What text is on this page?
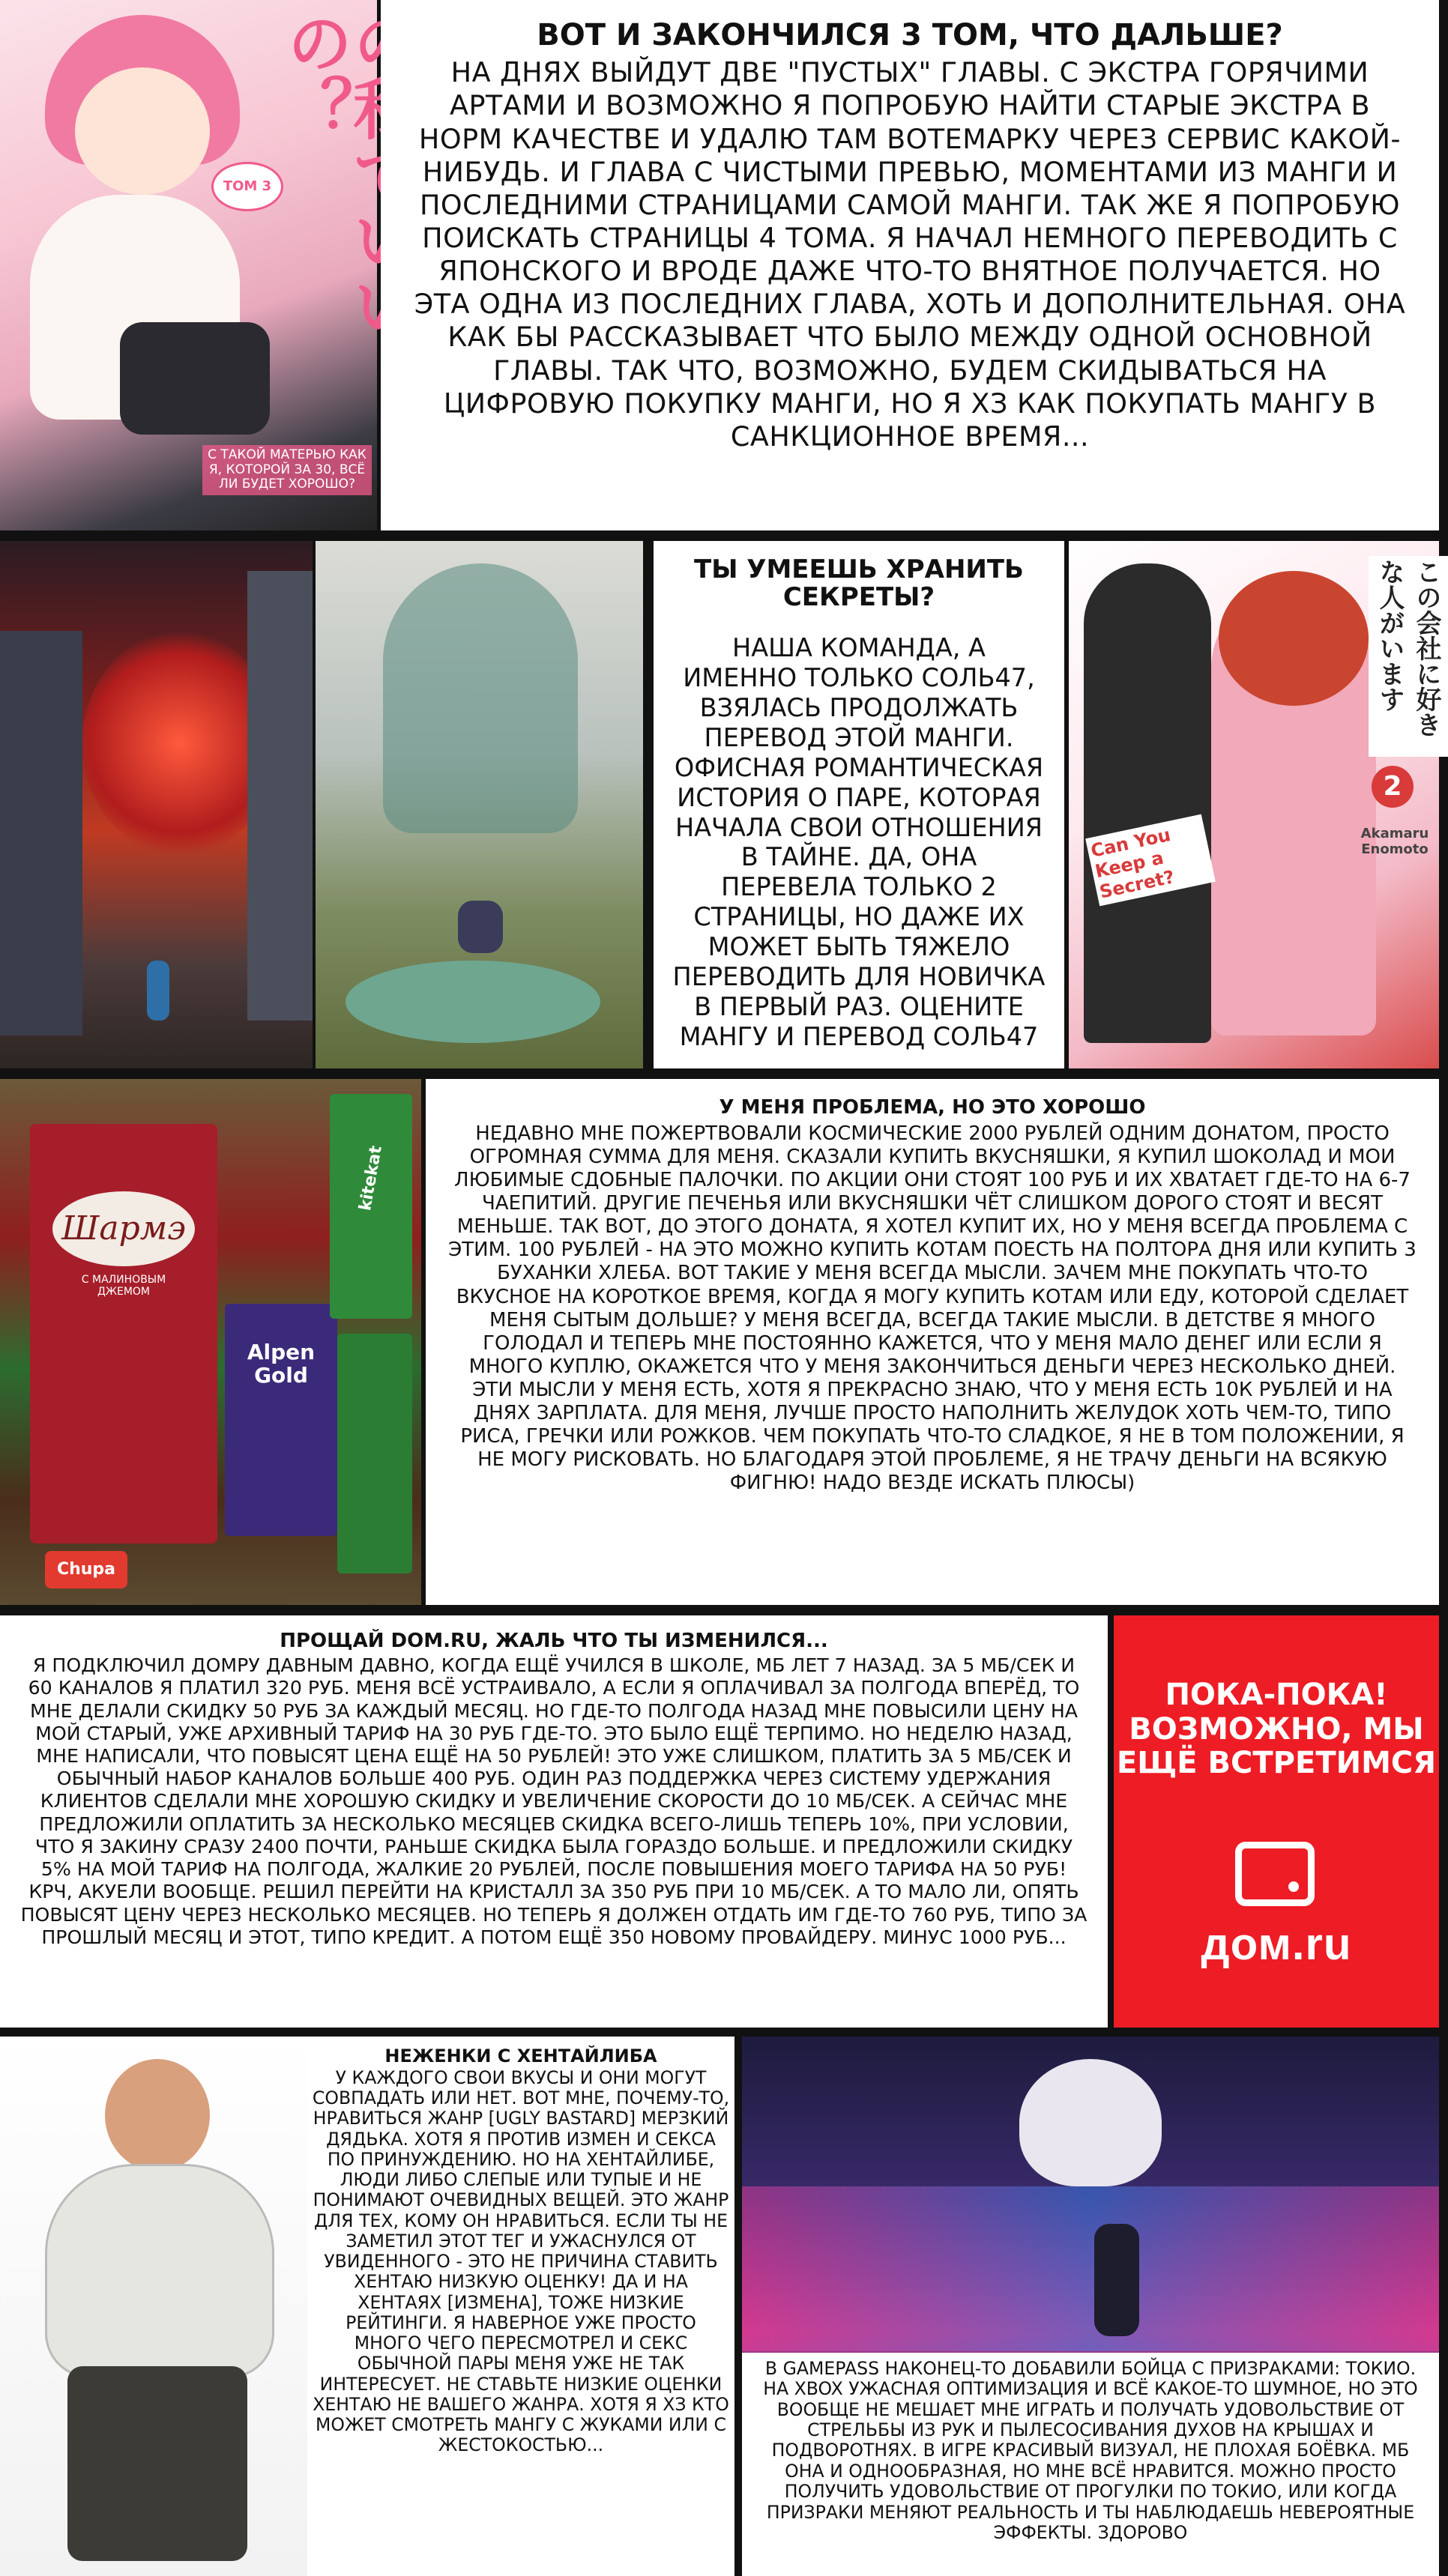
の？
ТОМ 3
С ТАКОЙ МАТЕРЬЮ КАК Я, КОТОРОЙ ЗА 30, ВСЁ ЛИ БУДЕТ ХОРОШО?
ВОТ И ЗАКОНЧИЛСЯ 3 ТОМ, ЧТО ДАЛЬШЕ?
НА ДНЯХ ВЫЙДУТ ДВЕ "ПУСТЫХ" ГЛАВЫ. С ЭКСТРА ГОРЯЧИМИ АРТАМИ И ВОЗМОЖНО Я ПОПРОБУЮ НАЙТИ СТАРЫЕ ЭКСТРА В НОРМ КАЧЕСТВЕ И УДАЛЮ ТАМ ВОТЕМАРКУ ЧЕРЕЗ СЕРВИС КАКОЙ-НИБУДЬ. И ГЛАВА С ЧИСТЫМИ ПРЕВЬЮ, МОМЕНТАМИ ИЗ МАНГИ И ПОСЛЕДНИМИ СТРАНИЦАМИ САМОЙ МАНГИ. ТАК ЖЕ Я ПОПРОБУЮ ПОИСКАТЬ СТРАНИЦЫ 4 ТОМА. Я НАЧАЛ НЕМНОГО ПЕРЕВОДИТЬ С ЯПОНСКОГО И ВРОДЕ ДАЖЕ ЧТО-ТО ВНЯТНОЕ ПОЛУЧАЕТСЯ. НО ЭТА ОДНА ИЗ ПОСЛЕДНИХ ГЛАВА, ХОТЬ И ДОПОЛНИТЕЛЬНАЯ. ОНА КАК БЫ РАССКАЗЫВАЕТ ЧТО БЫЛО МЕЖДУ ОДНОЙ ОСНОВНОЙ ГЛАВЫ. ТАК ЧТО, ВОЗМОЖНО, БУДЕМ СКИДЫВАТЬСЯ НА ЦИФРОВУЮ ПОКУПКУ МАНГИ, НО Я ХЗ КАК ПОКУПАТЬ МАНГУ В САНКЦИОННОЕ ВРЕМЯ...
ТЫ УМЕЕШЬ ХРАНИТЬ СЕКРЕТЫ?
НАША КОМАНДА, А ИМЕННО ТОЛЬКО СОЛЬ47, ВЗЯЛАСЬ ПРОДОЛЖАТЬ ПЕРЕВОД ЭТОЙ МАНГИ. ОФИСНАЯ РОМАНТИЧЕСКАЯ ИСТОРИЯ О ПАРЕ, КОТОРАЯ НАЧАЛА СВОИ ОТНОШЕНИЯ В ТАЙНЕ. ДА, ОНА ПЕРЕВЕЛА ТОЛЬКО 2 СТРАНИЦЫ, НО ДАЖЕ ИХ МОЖЕТ БЫТЬ ТЯЖЕЛО ПЕРЕВОДИТЬ ДЛЯ НОВИЧКА В ПЕРВЫЙ РАЗ. ОЦЕНИТЕ МАНГУ И ПЕРЕВОД СОЛЬ47
この会社に好きな人がいます
2
Akamaru Enomoto
Can You Keep a Secret?
Шармэ
С МАЛИНОВЫМ ДЖЕМОМ
Alpen Gold
kitekat
Chupa
У МЕНЯ ПРОБЛЕМА, НО ЭТО ХОРОШО
НЕДАВНО МНЕ ПОЖЕРТВОВАЛИ КОСМИЧЕСКИЕ 2000 РУБЛЕЙ ОДНИМ ДОНАТОМ, ПРОСТО ОГРОМНАЯ СУММА ДЛЯ МЕНЯ. СКАЗАЛИ КУПИТЬ ВКУСНЯШКИ, Я КУПИЛ ШОКОЛАД И МОИ ЛЮБИМЫЕ СДОБНЫЕ ПАЛОЧКИ. ПО АКЦИИ ОНИ СТОЯТ 100 РУБ И ИХ ХВАТАЕТ ГДЕ-ТО НА 6-7 ЧАЕПИТИЙ. ДРУГИЕ ПЕЧЕНЬЯ ИЛИ ВКУСНЯШКИ ЧЁТ СЛИШКОМ ДОРОГО СТОЯТ И ВЕСЯТ МЕНЬШЕ. ТАК ВОТ, ДО ЭТОГО ДОНАТА, Я ХОТЕЛ КУПИТ ИХ, НО У МЕНЯ ВСЕГДА ПРОБЛЕМА С ЭТИМ. 100 РУБЛЕЙ - НА ЭТО МОЖНО КУПИТЬ КОТАМ ПОЕСТЬ НА ПОЛТОРА ДНЯ ИЛИ КУПИТЬ 3 БУХАНКИ ХЛЕБА. ВОТ ТАКИЕ У МЕНЯ ВСЕГДА МЫСЛИ. ЗАЧЕМ МНЕ ПОКУПАТЬ ЧТО-ТО ВКУСНОЕ НА КОРОТКОЕ ВРЕМЯ, КОГДА Я МОГУ КУПИТЬ КОТАМ ИЛИ ЕДУ, КОТОРОЙ СДЕЛАЕТ МЕНЯ СЫТЫМ ДОЛЬШЕ? У МЕНЯ ВСЕГДА, ВСЕГДА ТАКИЕ МЫСЛИ. В ДЕТСТВЕ Я МНОГО ГОЛОДАЛ И ТЕПЕРЬ МНЕ ПОСТОЯННО КАЖЕТСЯ, ЧТО У МЕНЯ МАЛО ДЕНЕГ ИЛИ ЕСЛИ Я МНОГО КУПЛЮ, ОКАЖЕТСЯ ЧТО У МЕНЯ ЗАКОНЧИТЬСЯ ДЕНЬГИ ЧЕРЕЗ НЕСКОЛЬКО ДНЕЙ. ЭТИ МЫСЛИ У МЕНЯ ЕСТЬ, ХОТЯ Я ПРЕКРАСНО ЗНАЮ, ЧТО У МЕНЯ ЕСТЬ 10К РУБЛЕЙ И НА ДНЯХ ЗАРПЛАТА. ДЛЯ МЕНЯ, ЛУЧШЕ ПРОСТО НАПОЛНИТЬ ЖЕЛУДОК ХОТЬ ЧЕМ-ТО, ТИПО РИСА, ГРЕЧКИ ИЛИ РОЖКОВ. ЧЕМ ПОКУПАТЬ ЧТО-ТО СЛАДКОЕ, Я НЕ В ТОМ ПОЛОЖЕНИИ, Я НЕ МОГУ РИСКОВАТЬ. НО БЛАГОДАРЯ ЭТОЙ ПРОБЛЕМЕ, Я НЕ ТРАЧУ ДЕНЬГИ НА ВСЯКУЮ ФИГНЮ! НАДО ВЕЗДЕ ИСКАТЬ ПЛЮСЫ)
ПРОЩАЙ DOM.RU, ЖАЛЬ ЧТО ТЫ ИЗМЕНИЛСЯ...
Я ПОДКЛЮЧИЛ ДОМРУ ДАВНЫМ ДАВНО, КОГДА ЕЩЁ УЧИЛСЯ В ШКОЛЕ, МБ ЛЕТ 7 НАЗАД. ЗА 5 МБ/СЕК И 60 КАНАЛОВ Я ПЛАТИЛ 320 РУБ. МЕНЯ ВСЁ УСТРАИВАЛО, А ЕСЛИ Я ОПЛАЧИВАЛ ЗА ПОЛГОДА ВПЕРЁД, ТО МНЕ ДЕЛАЛИ СКИДКУ 50 РУБ ЗА КАЖДЫЙ МЕСЯЦ. НО ГДЕ-ТО ПОЛГОДА НАЗАД МНЕ ПОВЫСИЛИ ЦЕНУ НА МОЙ СТАРЫЙ, УЖЕ АРХИВНЫЙ ТАРИФ НА 30 РУБ ГДЕ-ТО. ЭТО БЫЛО ЕЩЁ ТЕРПИМО. НО НЕДЕЛЮ НАЗАД, МНЕ НАПИСАЛИ, ЧТО ПОВЫСЯТ ЦЕНА ЕЩЁ НА 50 РУБЛЕЙ! ЭТО УЖЕ СЛИШКОМ, ПЛАТИТЬ ЗА 5 МБ/СЕК И ОБЫЧНЫЙ НАБОР КАНАЛОВ БОЛЬШЕ 400 РУБ. ОДИН РАЗ ПОДДЕРЖКА ЧЕРЕЗ СИСТЕМУ УДЕРЖАНИЯ КЛИЕНТОВ СДЕЛАЛИ МНЕ ХОРОШУЮ СКИДКУ И УВЕЛИЧЕНИЕ СКОРОСТИ ДО 10 МБ/СЕК. А СЕЙЧАС МНЕ ПРЕДЛОЖИЛИ ОПЛАТИТЬ ЗА НЕСКОЛЬКО МЕСЯЦЕВ СКИДКА ВСЕГО-ЛИШЬ ТЕПЕРЬ 10%, ПРИ УСЛОВИИ, ЧТО Я ЗАКИНУ СРАЗУ 2400 ПОЧТИ, РАНЬШЕ СКИДКА БЫЛА ГОРАЗДО БОЛЬШЕ. И ПРЕДЛОЖИЛИ СКИДКУ 5% НА МОЙ ТАРИФ НА ПОЛГОДА, ЖАЛКИЕ 20 РУБЛЕЙ, ПОСЛЕ ПОВЫШЕНИЯ МОЕГО ТАРИФА НА 50 РУБ! КРЧ, АКУЕЛИ ВООБЩЕ. РЕШИЛ ПЕРЕЙТИ НА КРИСТАЛЛ ЗА 350 РУБ ПРИ 10 МБ/СЕК. А ТО МАЛО ЛИ, ОПЯТЬ ПОВЫСЯТ ЦЕНУ ЧЕРЕЗ НЕСКОЛЬКО МЕСЯЦЕВ. НО ТЕПЕРЬ Я ДОЛЖЕН ОТДАТЬ ИМ ГДЕ-ТО 760 РУБ, ТИПО ЗА ПРОШЛЫЙ МЕСЯЦ И ЭТОТ, ТИПО КРЕДИТ. А ПОТОМ ЕЩЁ 350 НОВОМУ ПРОВАЙДЕРУ. МИНУС 1000 РУБ...
ПОКА-ПОКА! ВОЗМОЖНО, МЫ ЕЩЁ ВСТРЕТИМСЯ
дом.ru
НЕЖЕНКИ С ХЕНТАЙЛИБА
У КАЖДОГО СВОИ ВКУСЫ И ОНИ МОГУТ СОВПАДАТЬ ИЛИ НЕТ. ВОТ МНЕ, ПОЧЕМУ-ТО, НРАВИТЬСЯ ЖАНР [UGLY BASTARD] МЕРЗКИЙ ДЯДЬКА. ХОТЯ Я ПРОТИВ ИЗМЕН И СЕКСА ПО ПРИНУЖДЕНИЮ. НО НА ХЕНТАЙЛИБЕ, ЛЮДИ ЛИБО СЛЕПЫЕ ИЛИ ТУПЫЕ И НЕ ПОНИМАЮТ ОЧЕВИДНЫХ ВЕЩЕЙ. ЭТО ЖАНР ДЛЯ ТЕХ, КОМУ ОН НРАВИТЬСЯ. ЕСЛИ ТЫ НЕ ЗАМЕТИЛ ЭТОТ ТЕГ И УЖАСНУЛСЯ ОТ УВИДЕННОГО - ЭТО НЕ ПРИЧИНА СТАВИТЬ ХЕНТАЮ НИЗКУЮ ОЦЕНКУ! ДА И НА ХЕНТАЯХ [ИЗМЕНА], ТОЖЕ НИЗКИЕ РЕЙТИНГИ. Я НАВЕРНОЕ УЖЕ ПРОСТО МНОГО ЧЕГО ПЕРЕСМОТРЕЛ И СЕКС ОБЫЧНОЙ ПАРЫ МЕНЯ УЖЕ НЕ ТАК ИНТЕРЕСУЕТ. НЕ СТАВЬТЕ НИЗКИЕ ОЦЕНКИ ХЕНТАЮ НЕ ВАШЕГО ЖАНРА. ХОТЯ Я ХЗ КТО МОЖЕТ СМОТРЕТЬ МАНГУ С ЖУКАМИ ИЛИ С ЖЕСТОКОСТЬЮ...
В GAMEPASS НАКОНЕЦ-ТО ДОБАВИЛИ БОЙЦА С ПРИЗРАКАМИ: ТОКИО. НА XBOX УЖАСНАЯ ОПТИМИЗАЦИЯ И ВСЁ КАКОЕ-ТО ШУМНОЕ, НО ЭТО ВООБЩЕ НЕ МЕШАЕТ МНЕ ИГРАТЬ И ПОЛУЧАТЬ УДОВОЛЬСТВИЕ ОТ СТРЕЛЬБЫ ИЗ РУК И ПЫЛЕСОСИВАНИЯ ДУХОВ НА КРЫШАХ И ПОДВОРОТНЯХ. В ИГРЕ КРАСИВЫЙ ВИЗУАЛ, НЕ ПЛОХАЯ БОЁВКА. МБ ОНА И ОДНООБРАЗНАЯ, НО МНЕ ВСЁ НРАВИТСЯ. МОЖНО ПРОСТО ПОЛУЧИТЬ УДОВОЛЬСТВИЕ ОТ ПРОГУЛКИ ПО ТОКИО, ИЛИ КОГДА ПРИЗРАКИ МЕНЯЮТ РЕАЛЬНОСТЬ И ТЫ НАБЛЮДАЕШЬ НЕВЕРОЯТНЫЕ ЭФФЕКТЫ. ЗДОРОВО
